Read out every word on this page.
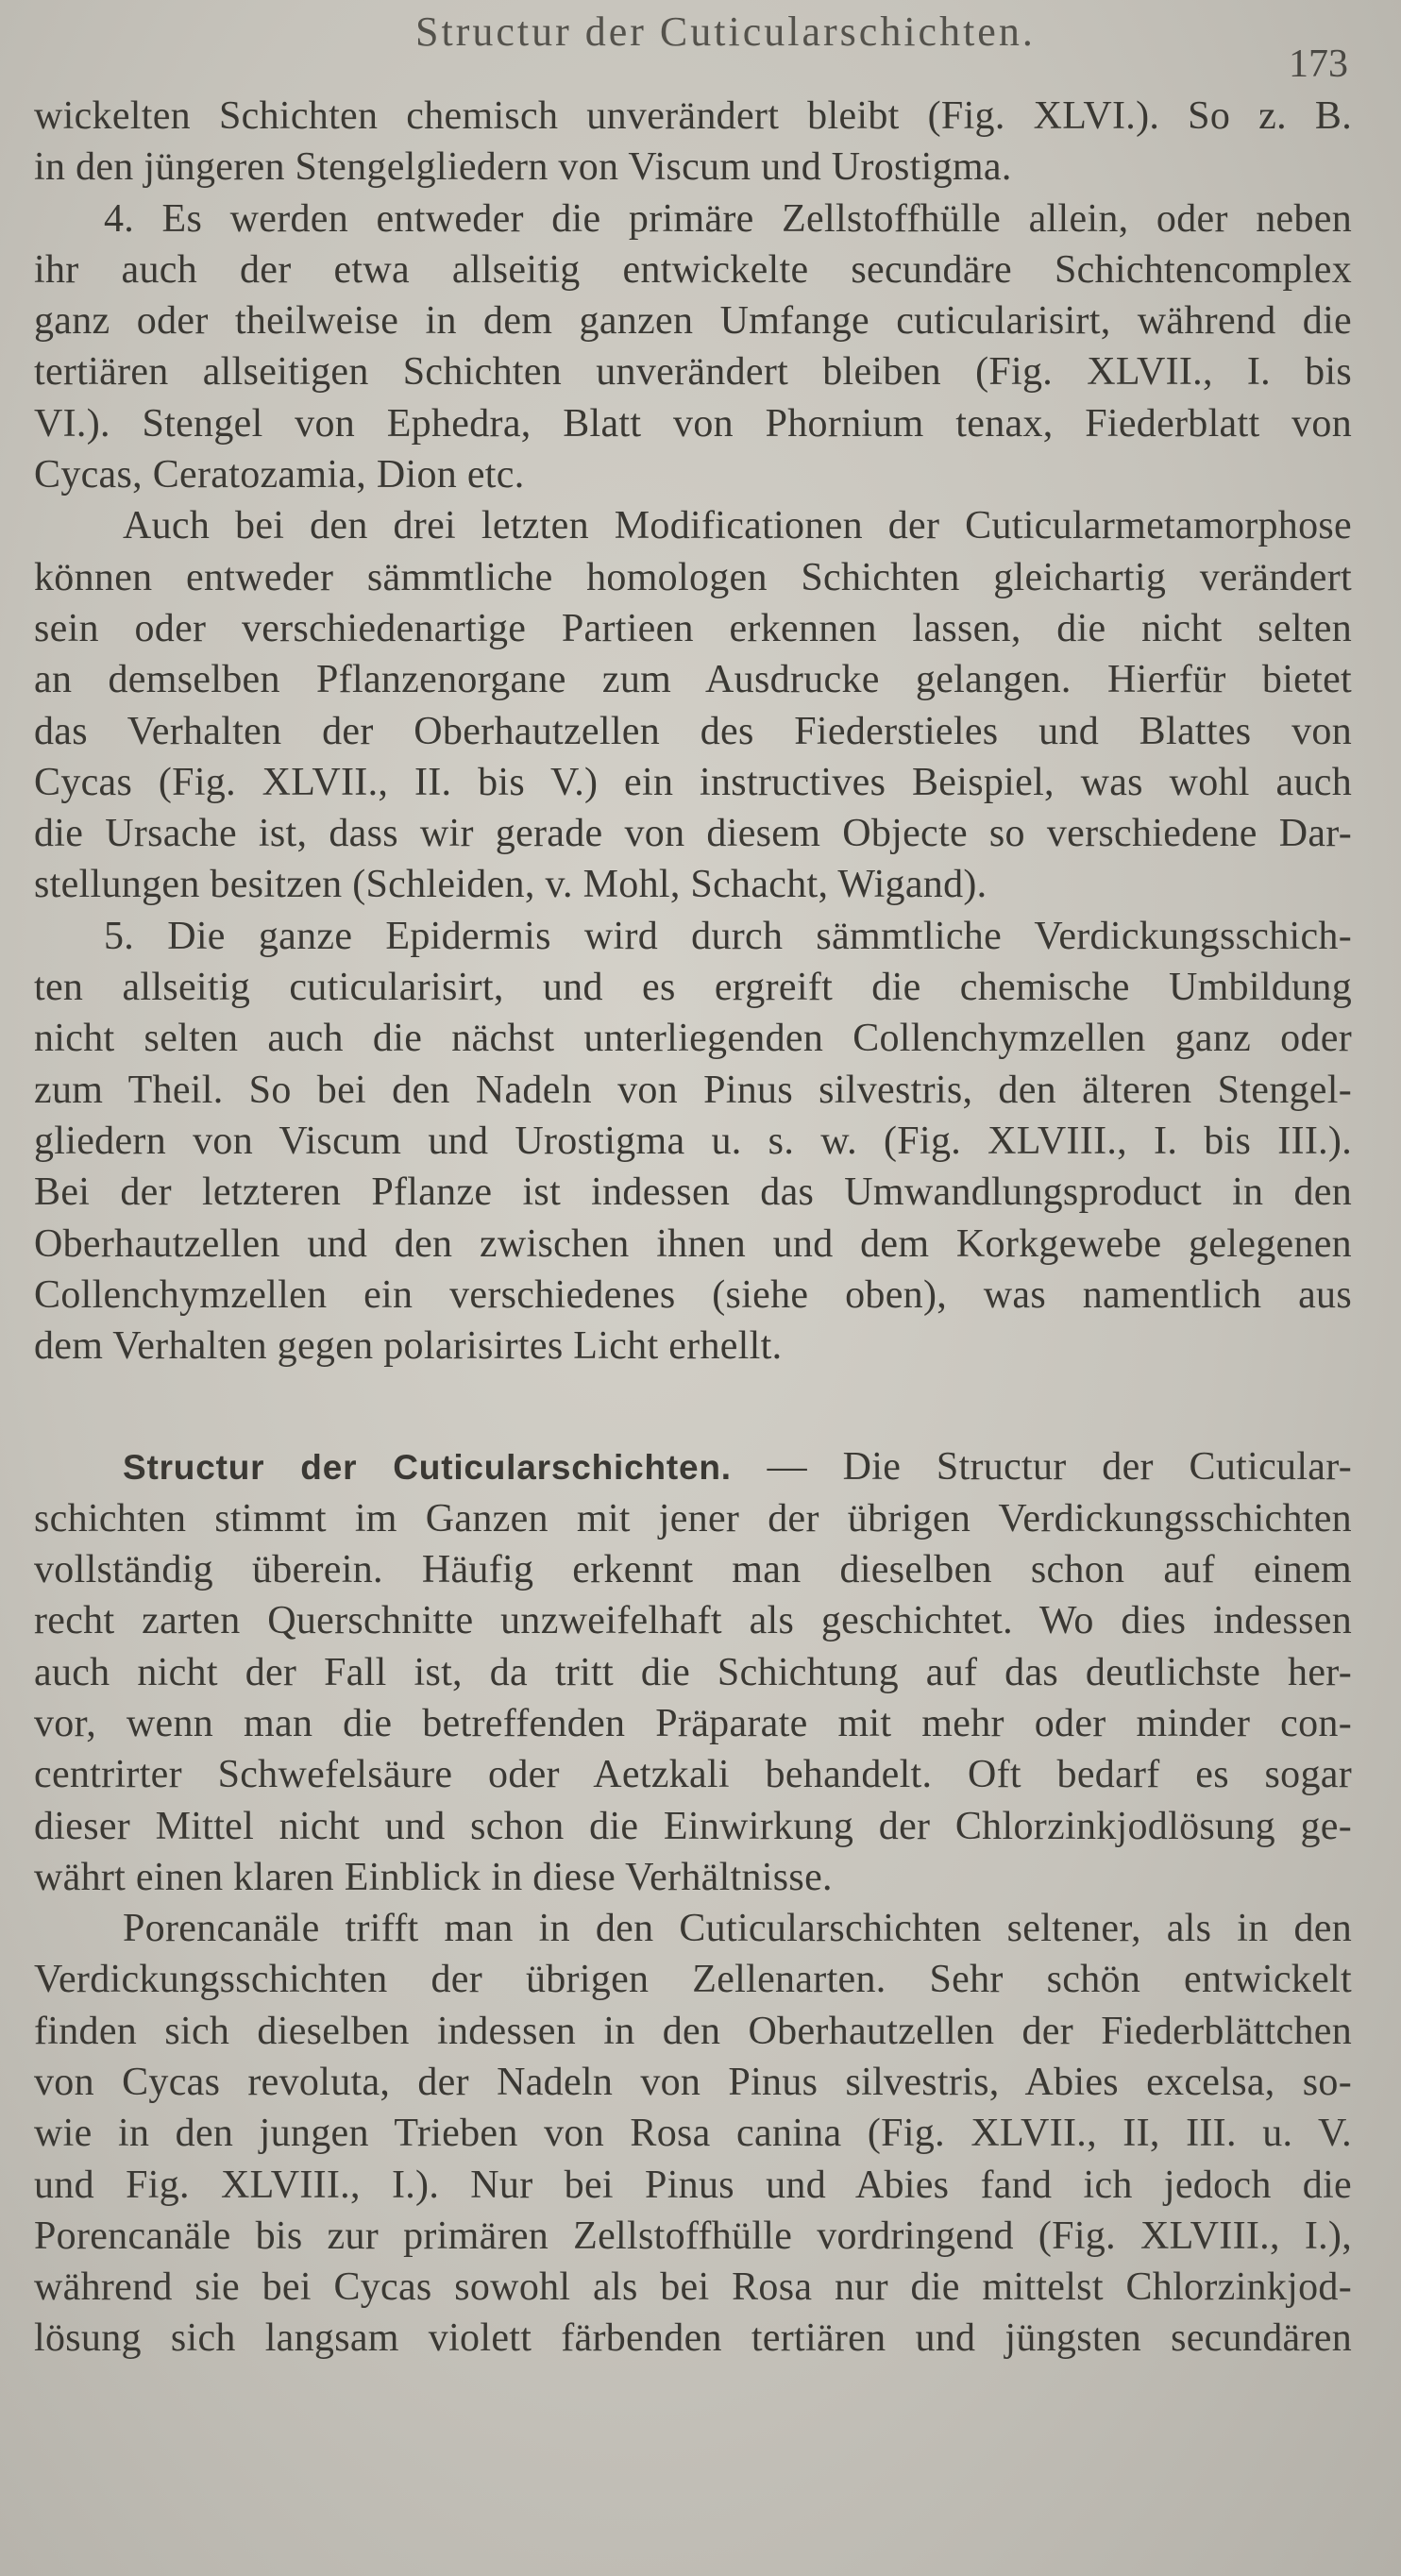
Structur der Cuticularschichten.
173
wickelten Schichten chemisch unverändert bleibt (Fig. XLVI.). So z. B.
in den jüngeren Stengelgliedern von Viscum und Urostigma.
4. Es werden entweder die primäre Zellstoffhülle allein, oder neben
ihr auch der etwa allseitig entwickelte secundäre Schichtencomplex
ganz oder theilweise in dem ganzen Umfange cuticularisirt, während die
tertiären allseitigen Schichten unverändert bleiben (Fig. XLVII., I. bis
VI.). Stengel von Ephedra, Blatt von Phornium tenax, Fiederblatt von
Cycas, Ceratozamia, Dion etc.
Auch bei den drei letzten Modificationen der Cuticularmetamorphose
können entweder sämmtliche homologen Schichten gleichartig verändert
sein oder verschiedenartige Partieen erkennen lassen, die nicht selten
an demselben Pflanzenorgane zum Ausdrucke gelangen. Hierfür bietet
das Verhalten der Oberhautzellen des Fiederstieles und Blattes von
Cycas (Fig. XLVII., II. bis V.) ein instructives Beispiel, was wohl auch
die Ursache ist, dass wir gerade von diesem Objecte so verschiedene Dar-
stellungen besitzen (Schleiden, v. Mohl, Schacht, Wigand).
5. Die ganze Epidermis wird durch sämmtliche Verdickungsschich-
ten allseitig cuticularisirt, und es ergreift die chemische Umbildung
nicht selten auch die nächst unterliegenden Collenchymzellen ganz oder
zum Theil. So bei den Nadeln von Pinus silvestris, den älteren Stengel-
gliedern von Viscum und Urostigma u. s. w. (Fig. XLVIII., I. bis III.).
Bei der letzteren Pflanze ist indessen das Umwandlungsproduct in den
Oberhautzellen und den zwischen ihnen und dem Korkgewebe gelegenen
Collenchymzellen ein verschiedenes (siehe oben), was namentlich aus
dem Verhalten gegen polarisirtes Licht erhellt.
Structur der Cuticularschichten. — Die Structur der Cuticular-
schichten stimmt im Ganzen mit jener der übrigen Verdickungsschichten
vollständig überein. Häufig erkennt man dieselben schon auf einem
recht zarten Querschnitte unzweifelhaft als geschichtet. Wo dies indessen
auch nicht der Fall ist, da tritt die Schichtung auf das deutlichste her-
vor, wenn man die betreffenden Präparate mit mehr oder minder con-
centrirter Schwefelsäure oder Aetzkali behandelt. Oft bedarf es sogar
dieser Mittel nicht und schon die Einwirkung der Chlorzinkjodlösung ge-
währt einen klaren Einblick in diese Verhältnisse.
Porencanäle trifft man in den Cuticularschichten seltener, als in den
Verdickungsschichten der übrigen Zellenarten. Sehr schön entwickelt
finden sich dieselben indessen in den Oberhautzellen der Fiederblättchen
von Cycas revoluta, der Nadeln von Pinus silvestris, Abies excelsa, so-
wie in den jungen Trieben von Rosa canina (Fig. XLVII., II, III. u. V.
und Fig. XLVIII., I.). Nur bei Pinus und Abies fand ich jedoch die
Porencanäle bis zur primären Zellstoffhülle vordringend (Fig. XLVIII., I.),
während sie bei Cycas sowohl als bei Rosa nur die mittelst Chlorzinkjod-
lösung sich langsam violett färbenden tertiären und jüngsten secundären
